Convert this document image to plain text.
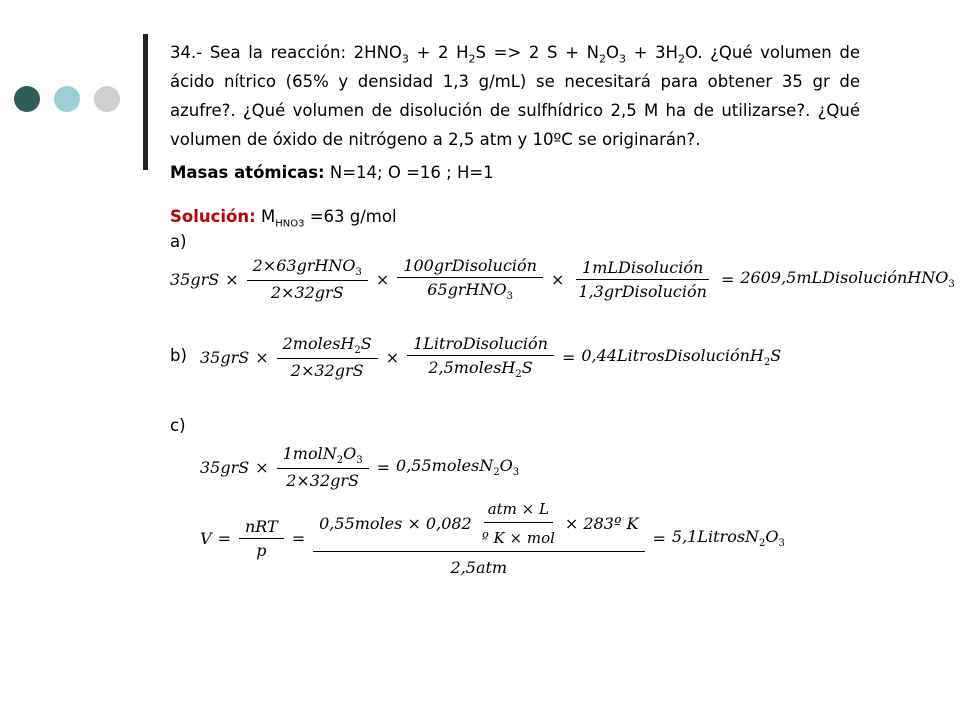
34.- Sea la reacción: $2HNO_3 + 2$ $H_2S => 2$ $S + N_2O_3 + 3H_2O$. ¿Qué volumen de ácido nítrico (65% y densidad 1,3 g/mL) se necesitará para obtener 35 gr de azufre?. ¿Qué volumen de disolución de sulfhídrico 2,5 M ha de utilizarse?. ¿Qué volumen de óxido de nitrógeno a 2,5 atm y 10ºC se originarán?.
Masas atómicas: N=14; O =16 ; H=1
Solución: $M_{HNO3} =63$ g/mol
a)
$35grS \times \frac{2\times 63grHNO_3}{\text{2×32grS}} \times \frac{\text{100grDisolución}}{65grHNO_3} \times \frac{\text{1mLDisolución}}{\text{1,3grDisolución}}$ = 2609,5mLDisoluciónHNO$_3$
b) $35grS \times \frac{2molesH_2S}{\text{2×32grS}} \times \frac{\text{1LitroDisolución}}{2,5molesH_2S}$ = 0,44LitrosDisoluciónH$_2$S
c)
$35grS \times \frac{1molN_2O_3}{\text{2×32grS}}$ = $0,55molesN_2O_3$
$V = \frac{\text{nRT}}{p} = \frac{0,55moles \times 0,082 \frac{\text{atm × L}}{\text{º K × mol}} \times 283º K}{\text{2,5atm}}$ = $5,1LitrosN_2O_3$
